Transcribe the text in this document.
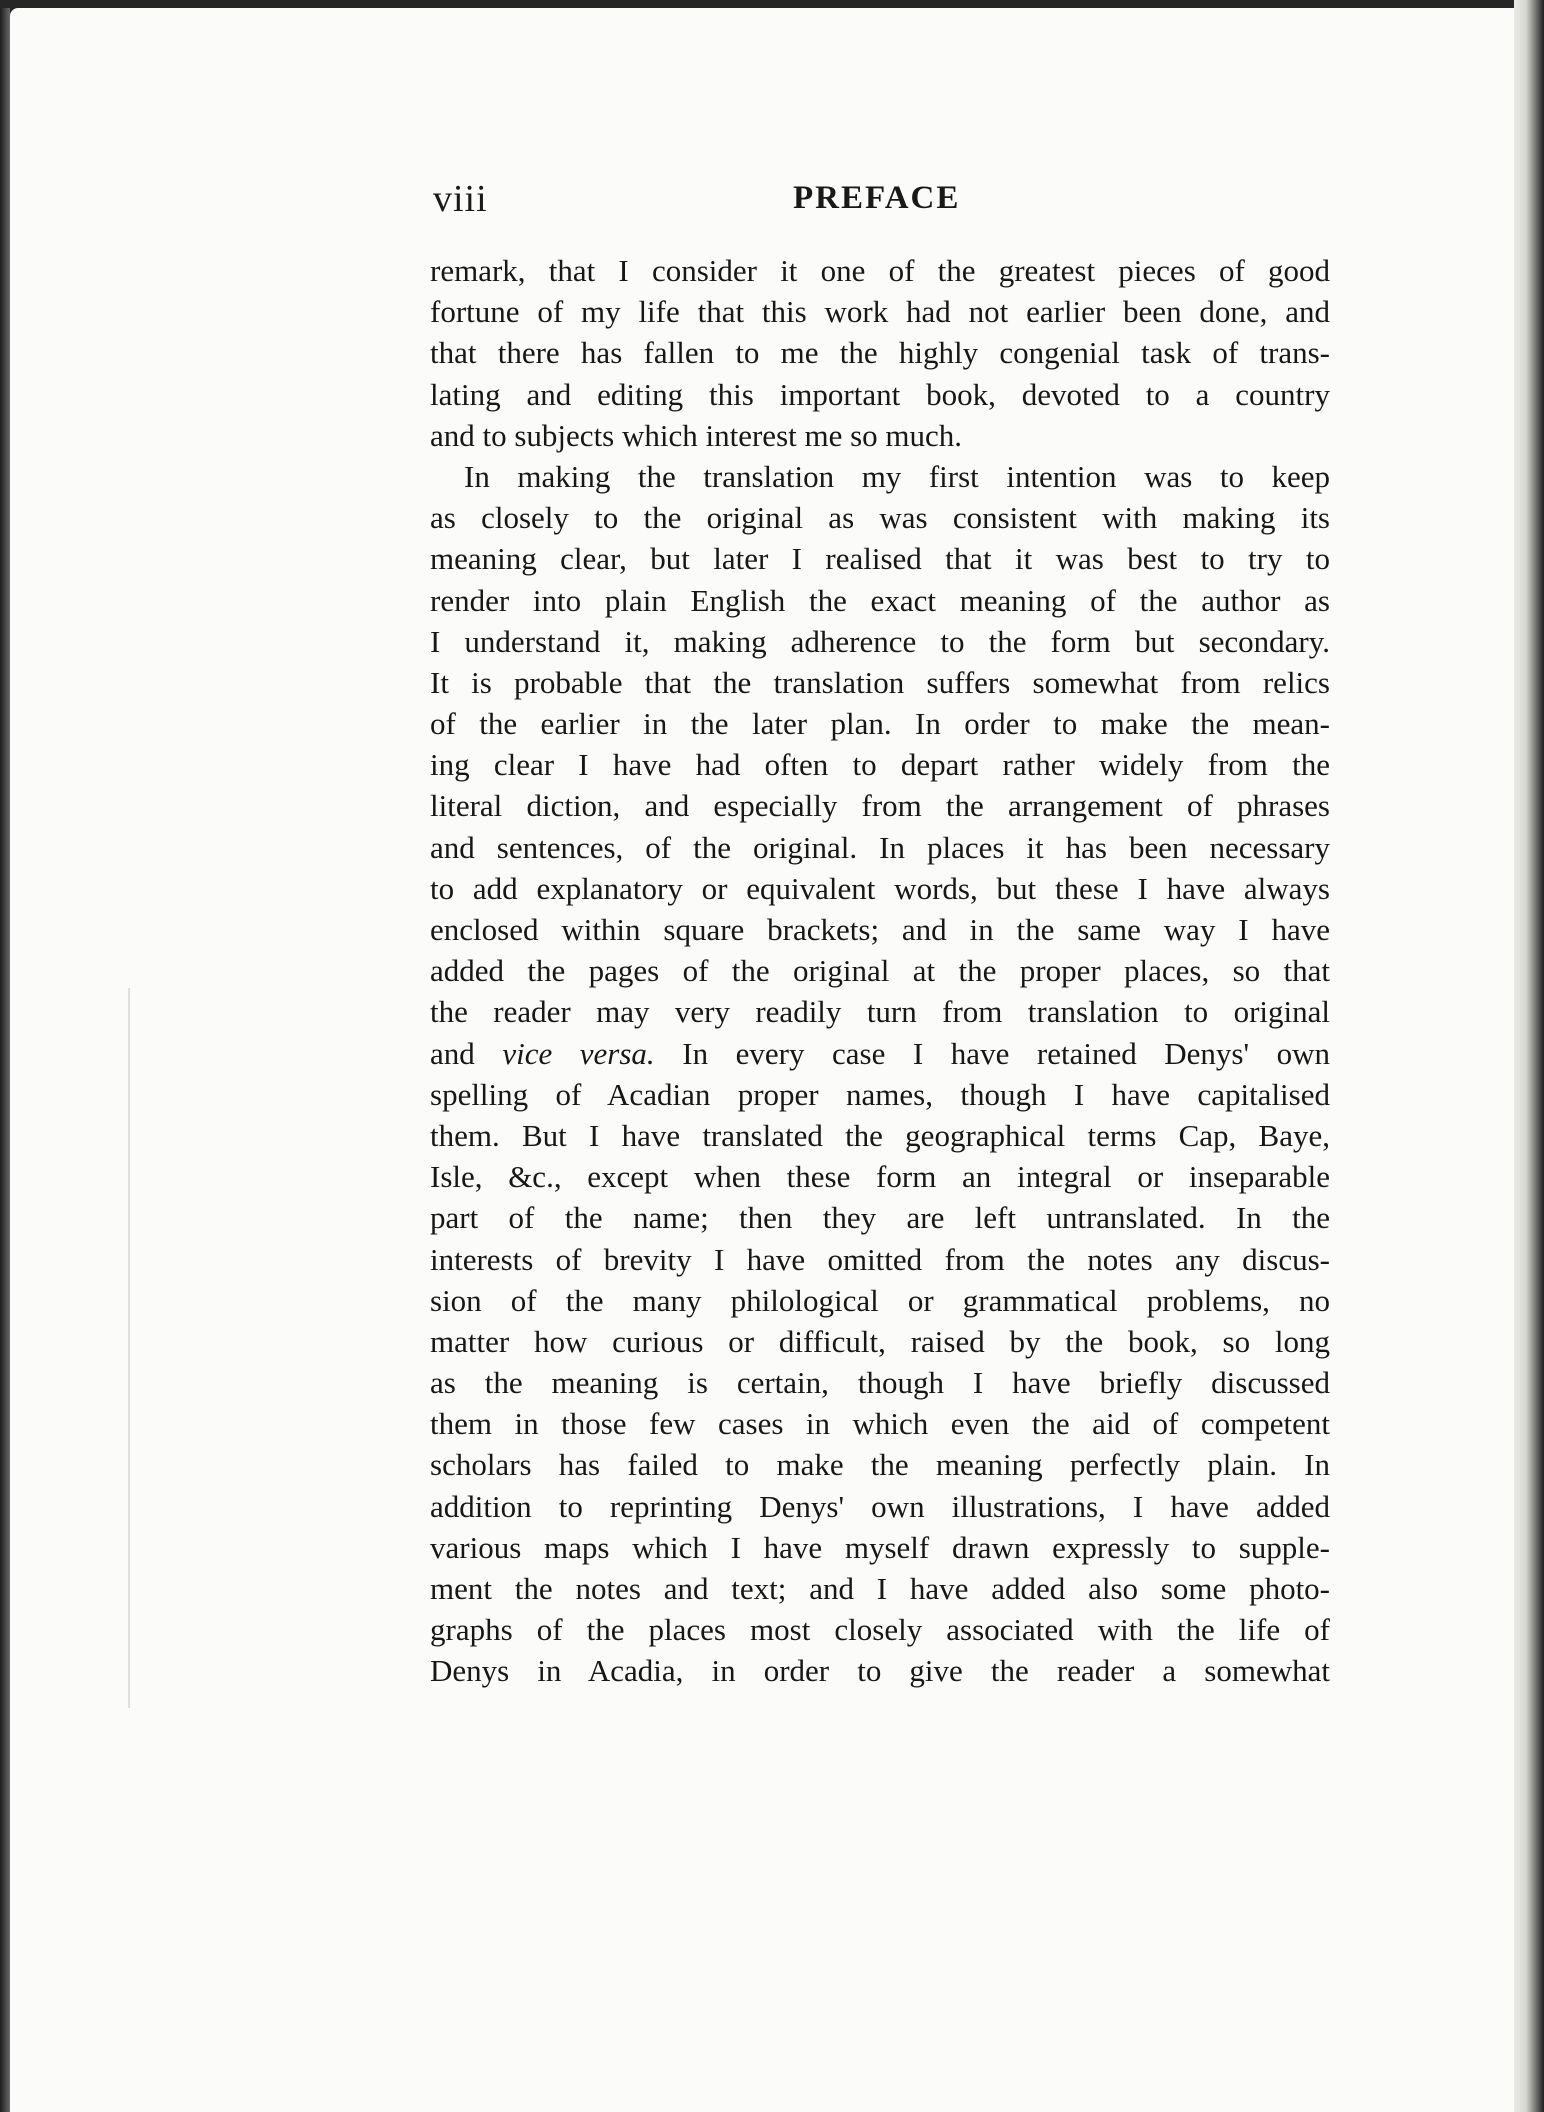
viii	PREFACE
remark, that I consider it one of the greatest pieces of good
fortune of my life that this work had not earlier been done, and
that there has fallen to me the highly congenial task of trans-
lating and editing this important book, devoted to a country
and to subjects which interest me so much.
In making the translation my first intention was to keep
as closely to the original as was consistent with making its
meaning clear, but later I realised that it was best to try to
render into plain English the exact meaning of the author as
I understand it, making adherence to the form but secondary.
It is probable that the translation suffers somewhat from relics
of the earlier in the later plan. In order to make the mean-
ing clear I have had often to depart rather widely from the
literal diction, and especially from the arrangement of phrases
and sentences, of the original. In places it has been necessary
to add explanatory or equivalent words, but these I have always
enclosed within square brackets; and in the same way I have
added the pages of the original at the proper places, so that
the reader may very readily turn from translation to original
and vice versa. In every case I have retained Denys' own
spelling of Acadian proper names, though I have capitalised
them. But I have translated the geographical terms Cap, Baye,
Isle, &c., except when these form an integral or inseparable
part of the name; then they are left untranslated. In the
interests of brevity I have omitted from the notes any discus-
sion of the many philological or grammatical problems, no
matter how curious or difficult, raised by the book, so long
as the meaning is certain, though I have briefly discussed
them in those few cases in which even the aid of competent
scholars has failed to make the meaning perfectly plain. In
addition to reprinting Denys' own illustrations, I have added
various maps which I have myself drawn expressly to supple-
ment the notes and text; and I have added also some photo-
graphs of the places most closely associated with the life of
Denys in Acadia, in order to give the reader a somewhat
